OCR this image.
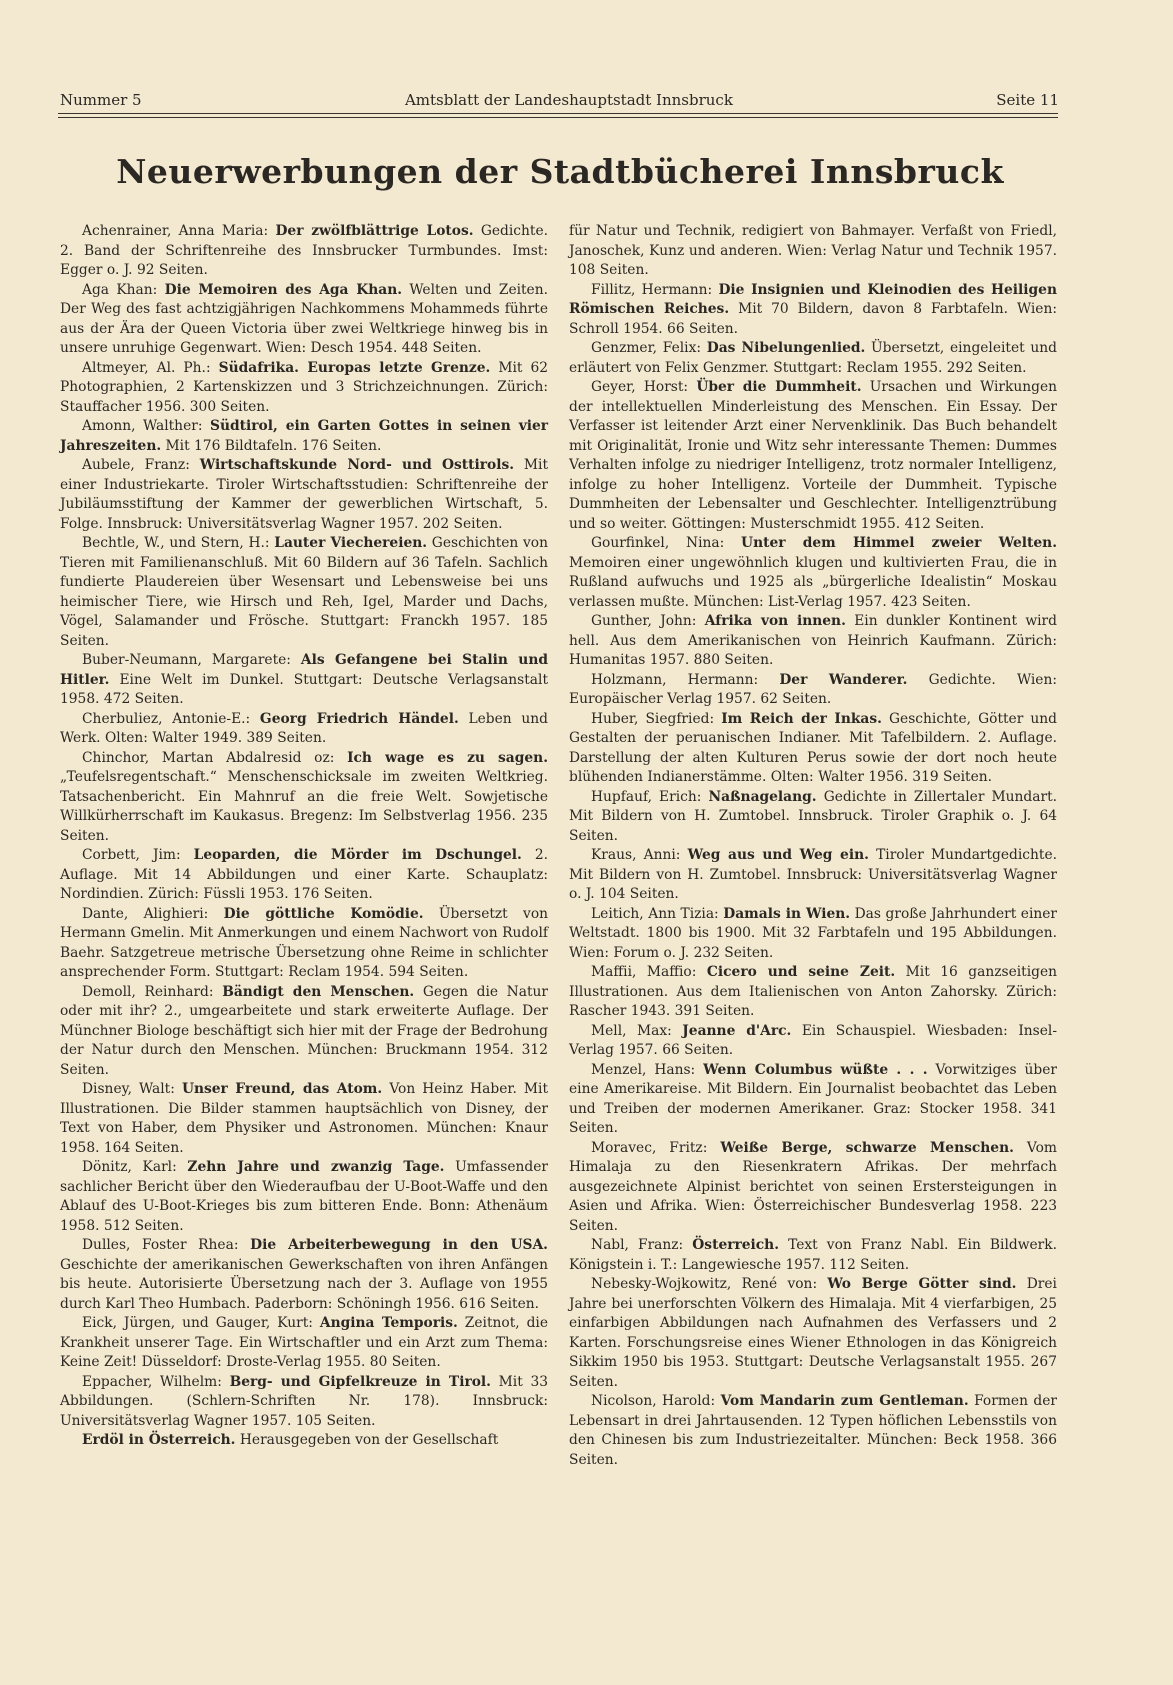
Nummer 5	Amtsblatt der Landeshauptstadt Innsbruck	Seite 11
Neuerwerbungen der Stadtbücherei Innsbruck

Achenrainer, Anna Maria: Der zwölfblättrige Lotos. Gedichte. 2. Band der Schriftenreihe des Innsbrucker Turmbundes. Imst: Egger o. J. 92 Seiten.

Aga Khan: Die Memoiren des Aga Khan. Welten und Zeiten. Der Weg des fast achtzigjährigen Nachkommens Mohammeds führte aus der Ära der Queen Victoria über zwei Weltkriege hinweg bis in unsere unruhige Gegenwart. Wien: Desch 1954. 448 Seiten.

Altmeyer, Al. Ph.: Südafrika. Europas letzte Grenze. Mit 62 Photographien, 2 Kartenskizzen und 3 Strichzeichnungen. Zürich: Stauffacher 1956. 300 Seiten.

Amonn, Walther: Südtirol, ein Garten Gottes in seinen vier Jahreszeiten. Mit 176 Bildtafeln. 176 Seiten.

Aubele, Franz: Wirtschaftskunde Nord- und Osttirols. Mit einer Industriekarte. Tiroler Wirtschaftsstudien: Schriftenreihe der Jubiläumsstiftung der Kammer der gewerblichen Wirtschaft, 5. Folge. Innsbruck: Universitätsverlag Wagner 1957. 202 Seiten.

Bechtle, W., und Stern, H.: Lauter Viechereien. Geschichten von Tieren mit Familienanschluß. Mit 60 Bildern auf 36 Tafeln. Sachlich fundierte Plaudereien über Wesensart und Lebensweise bei uns heimischer Tiere, wie Hirsch und Reh, Igel, Marder und Dachs, Vögel, Salamander und Frösche. Stuttgart: Franckh 1957. 185 Seiten.

Buber-Neumann, Margarete: Als Gefangene bei Stalin und Hitler. Eine Welt im Dunkel. Stuttgart: Deutsche Verlagsanstalt 1958. 472 Seiten.

Cherbuliez, Antonie-E.: Georg Friedrich Händel. Leben und Werk. Olten: Walter 1949. 389 Seiten.

Chinchor, Martan Abdalresid oz: Ich wage es zu sagen. „Teufelsregentschaft.“ Menschenschicksale im zweiten Weltkrieg. Tatsachenbericht. Ein Mahnruf an die freie Welt. Sowjetische Willkürherrschaft im Kaukasus. Bregenz: Im Selbstverlag 1956. 235 Seiten.

Corbett, Jim: Leoparden, die Mörder im Dschungel. 2. Auflage. Mit 14 Abbildungen und einer Karte. Schauplatz: Nordindien. Zürich: Füssli 1953. 176 Seiten.

Dante, Alighieri: Die göttliche Komödie. Übersetzt von Hermann Gmelin. Mit Anmerkungen und einem Nachwort von Rudolf Baehr. Satzgetreue metrische Übersetzung ohne Reime in schlichter ansprechender Form. Stuttgart: Reclam 1954. 594 Seiten.

Demoll, Reinhard: Bändigt den Menschen. Gegen die Natur oder mit ihr? 2., umgearbeitete und stark erweiterte Auflage. Der Münchner Biologe beschäftigt sich hier mit der Frage der Bedrohung der Natur durch den Menschen. München: Bruckmann 1954. 312 Seiten.

Disney, Walt: Unser Freund, das Atom. Von Heinz Haber. Mit Illustrationen. Die Bilder stammen hauptsächlich von Disney, der Text von Haber, dem Physiker und Astronomen. München: Knaur 1958. 164 Seiten.

Dönitz, Karl: Zehn Jahre und zwanzig Tage. Umfassender sachlicher Bericht über den Wiederaufbau der U-Boot-Waffe und den Ablauf des U-Boot-Krieges bis zum bitteren Ende. Bonn: Athenäum 1958. 512 Seiten.

Dulles, Foster Rhea: Die Arbeiterbewegung in den USA. Geschichte der amerikanischen Gewerkschaften von ihren Anfängen bis heute. Autorisierte Übersetzung nach der 3. Auflage von 1955 durch Karl Theo Humbach. Paderborn: Schöningh 1956. 616 Seiten.

Eick, Jürgen, und Gauger, Kurt: Angina Temporis. Zeitnot, die Krankheit unserer Tage. Ein Wirtschaftler und ein Arzt zum Thema: Keine Zeit! Düsseldorf: Droste-Verlag 1955. 80 Seiten.

Eppacher, Wilhelm: Berg- und Gipfelkreuze in Tirol. Mit 33 Abbildungen. (Schlern-Schriften Nr. 178). Innsbruck: Universitätsverlag Wagner 1957. 105 Seiten.

Erdöl in Österreich. Herausgegeben von der Gesellschaft

für Natur und Technik, redigiert von Bahmayer. Verfaßt von Friedl, Janoschek, Kunz und anderen. Wien: Verlag Natur und Technik 1957. 108 Seiten.

Fillitz, Hermann: Die Insignien und Kleinodien des Heiligen Römischen Reiches. Mit 70 Bildern, davon 8 Farbtafeln. Wien: Schroll 1954. 66 Seiten.

Genzmer, Felix: Das Nibelungenlied. Übersetzt, eingeleitet und erläutert von Felix Genzmer. Stuttgart: Reclam 1955. 292 Seiten.

Geyer, Horst: Über die Dummheit. Ursachen und Wirkungen der intellektuellen Minderleistung des Menschen. Ein Essay. Der Verfasser ist leitender Arzt einer Nervenklinik. Das Buch behandelt mit Originalität, Ironie und Witz sehr interessante Themen: Dummes Verhalten infolge zu niedriger Intelligenz, trotz normaler Intelligenz, infolge zu hoher Intelligenz. Vorteile der Dummheit. Typische Dummheiten der Lebensalter und Geschlechter. Intelligenztrübung und so weiter. Göttingen: Musterschmidt 1955. 412 Seiten.

Gourfinkel, Nina: Unter dem Himmel zweier Welten. Memoiren einer ungewöhnlich klugen und kultivierten Frau, die in Rußland aufwuchs und 1925 als „bürgerliche Idealistin“ Moskau verlassen mußte. München: List-Verlag 1957. 423 Seiten.

Gunther, John: Afrika von innen. Ein dunkler Kontinent wird hell. Aus dem Amerikanischen von Heinrich Kaufmann. Zürich: Humanitas 1957. 880 Seiten.

Holzmann, Hermann: Der Wanderer. Gedichte. Wien: Europäischer Verlag 1957. 62 Seiten.

Huber, Siegfried: Im Reich der Inkas. Geschichte, Götter und Gestalten der peruanischen Indianer. Mit Tafelbildern. 2. Auflage. Darstellung der alten Kulturen Perus sowie der dort noch heute blühenden Indianerstämme. Olten: Walter 1956. 319 Seiten.

Hupfauf, Erich: Naßnagelang. Gedichte in Zillertaler Mundart. Mit Bildern von H. Zumtobel. Innsbruck. Tiroler Graphik o. J. 64 Seiten.

Kraus, Anni: Weg aus und Weg ein. Tiroler Mundartgedichte. Mit Bildern von H. Zumtobel. Innsbruck: Universitätsverlag Wagner o. J. 104 Seiten.

Leitich, Ann Tizia: Damals in Wien. Das große Jahrhundert einer Weltstadt. 1800 bis 1900. Mit 32 Farbtafeln und 195 Abbildungen. Wien: Forum o. J. 232 Seiten.

Maffii, Maffio: Cicero und seine Zeit. Mit 16 ganzseitigen Illustrationen. Aus dem Italienischen von Anton Zahorsky. Zürich: Rascher 1943. 391 Seiten.

Mell, Max: Jeanne d'Arc. Ein Schauspiel. Wiesbaden: Insel-Verlag 1957. 66 Seiten.

Menzel, Hans: Wenn Columbus wüßte . . . Vorwitziges über eine Amerikareise. Mit Bildern. Ein Journalist beobachtet das Leben und Treiben der modernen Amerikaner. Graz: Stocker 1958. 341 Seiten.

Moravec, Fritz: Weiße Berge, schwarze Menschen. Vom Himalaja zu den Riesenkratern Afrikas. Der mehrfach ausgezeichnete Alpinist berichtet von seinen Erstersteigungen in Asien und Afrika. Wien: Österreichischer Bundesverlag 1958. 223 Seiten.

Nabl, Franz: Österreich. Text von Franz Nabl. Ein Bildwerk. Königstein i. T.: Langewiesche 1957. 112 Seiten.

Nebesky-Wojkowitz, René von: Wo Berge Götter sind. Drei Jahre bei unerforschten Völkern des Himalaja. Mit 4 vierfarbigen, 25 einfarbigen Abbildungen nach Aufnahmen des Verfassers und 2 Karten. Forschungsreise eines Wiener Ethnologen in das Königreich Sikkim 1950 bis 1953. Stuttgart: Deutsche Verlagsanstalt 1955. 267 Seiten.

Nicolson, Harold: Vom Mandarin zum Gentleman. Formen der Lebensart in drei Jahrtausenden. 12 Typen höflichen Lebensstils von den Chinesen bis zum Industriezeitalter. München: Beck 1958. 366 Seiten.
